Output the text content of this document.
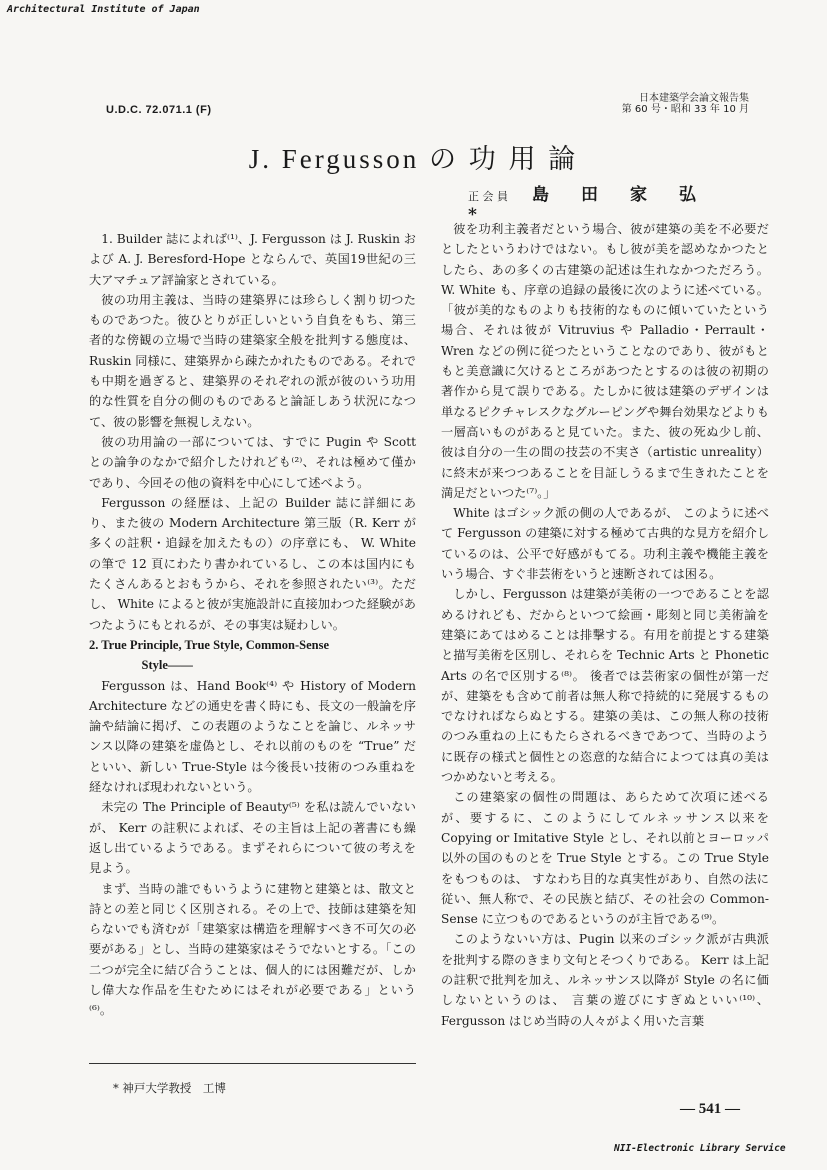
Architectural Institute of Japan
U.D.C. 72.071.1 (F)
日本建築学会論文報告集
第 60 号・昭和 33 年 10 月
J. Fergusson の 功 用 論
正 会 員 島田家弘*

1. Builder 誌によれば⁽¹⁾、J. Fergusson は J. Ruskin および A. J. Beresford-Hope とならんで、英国19世紀の三大アマチュア評論家とされている。

彼の功用主義は、当時の建築界には珍らしく割り切つたものであつた。彼ひとりが正しいという自負をもち、第三者的な傍観の立場で当時の建築家全般を批判する態度は、Ruskin 同様に、建築界から疎たかれたものである。それでも中期を過ぎると、建築界のそれぞれの派が彼のいう功用的な性質を自分の側のものであると論証しあう状況になつて、彼の影響を無視しえない。

彼の功用論の一部については、すでに Pugin や Scott との論争のなかで紹介したけれども⁽²⁾、それは極めて僅かであり、今回その他の資料を中心にして述べよう。

Fergusson の経歴は、上記の Builder 誌に詳細にあり、また彼の Modern Architecture 第三版（R. Kerr が多くの註釈・追録を加えたもの）の序章にも、 W. White の筆で 12 頁にわたり書かれているし、この本は国内にもたくさんあるとおもうから、それを参照されたい⁽³⁾。ただし、 White によると彼が実施設計に直接加わつた経験があつたようにもとれるが、その事実は疑わしい。

2. True Principle, True Style, Common-Sense

Style——

Fergusson は、Hand Book⁽⁴⁾ や History of Modern Architecture などの通史を書く時にも、長文の一般論を序論や結論に掲げ、この表題のようなことを論じ、ルネッサンス以降の建築を虚偽とし、それ以前のものを “True” だといい、新しい True-Style は今後長い技術のつみ重ねを経なければ現われないという。

未完の The Principle of Beauty⁽⁵⁾ を私は読んでいないが、 Kerr の註釈によれば、その主旨は上記の著書にも繰返し出ているようである。まずそれらについて彼の考えを見よう。

まず、当時の誰でもいうように建物と建築とは、散文と詩との差と同じく区別される。その上で、技師は建築を知らないでも済むが「建築家は構造を理解すべき不可欠の必要がある」とし、当時の建築家はそうでないとする。「この二つが完全に結び合うことは、個人的には困難だが、しかし偉大な作品を生むためにはそれが必要である」という⁽⁶⁾。

彼を功利主義者だという場合、彼が建築の美を不必要だとしたというわけではない。もし彼が美を認めなかつたとしたら、あの多くの古建築の記述は生れなかつただろう。W. White も、序章の追録の最後に次のように述べている。「彼が美的なものよりも技術的なものに傾いていたという場合、それは彼が Vitruvius や Palladio・Perrault・Wren などの例に従つたということなのであり、彼がもともと美意識に欠けるところがあつたとするのは彼の初期の著作から見て誤りである。たしかに彼は建築のデザインは単なるピクチャレスクなグルーピングや舞台効果などよりも一層高いものがあると見ていた。また、彼の死ぬ少し前、彼は自分の一生の間の技芸の不実さ（artistic unreality）に終末が来つつあることを目証しうるまで生きれたことを満足だといつた⁽⁷⁾。」

White はゴシック派の側の人であるが、 このように述べて Fergusson の建築に対する極めて古典的な見方を紹介しているのは、公平で好感がもてる。功利主義や機能主義をいう場合、すぐ非芸術をいうと速断されては困る。

しかし、Fergusson は建築が美術の一つであることを認めるけれども、だからといつて絵画・彫刻と同じ美術論を建築にあてはめることは排撃する。有用を前提とする建築と描写美術を区別し、それらを Technic Arts と Phonetic Arts の名で区別する⁽⁸⁾。 後者では芸術家の個性が第一だが、建築をも含めて前者は無人称で持続的に発展するものでなければならぬとする。建築の美は、この無人称の技術のつみ重ねの上にもたらされるべきであつて、当時のように既存の様式と個性との恣意的な結合によつては真の美はつかめないと考える。

この建築家の個性の問題は、あらためて次項に述べるが、要するに、このようにしてルネッサンス以来を Copying or Imitative Style とし、それ以前とヨーロッパ以外の国のものとを True Style とする。この True Style をもつものは、 すなわち目的な真実性があり、自然の法に従い、無人称で、その民族と結び、その社会の Common-Sense に立つものであるというのが主旨である⁽⁹⁾。

このようないい方は、Pugin 以来のゴシック派が古典派を批判する際のきまり文句とそつくりである。 Kerr は上記の註釈で批判を加え、ルネッサンス以降が Style の名に価しないというのは、 言葉の遊びにすぎぬといい⁽¹⁰⁾、 Fergusson はじめ当時の人々がよく用いた言葉

* 神戸大学教授　工博
— 541 —
NII-Electronic Library Service
